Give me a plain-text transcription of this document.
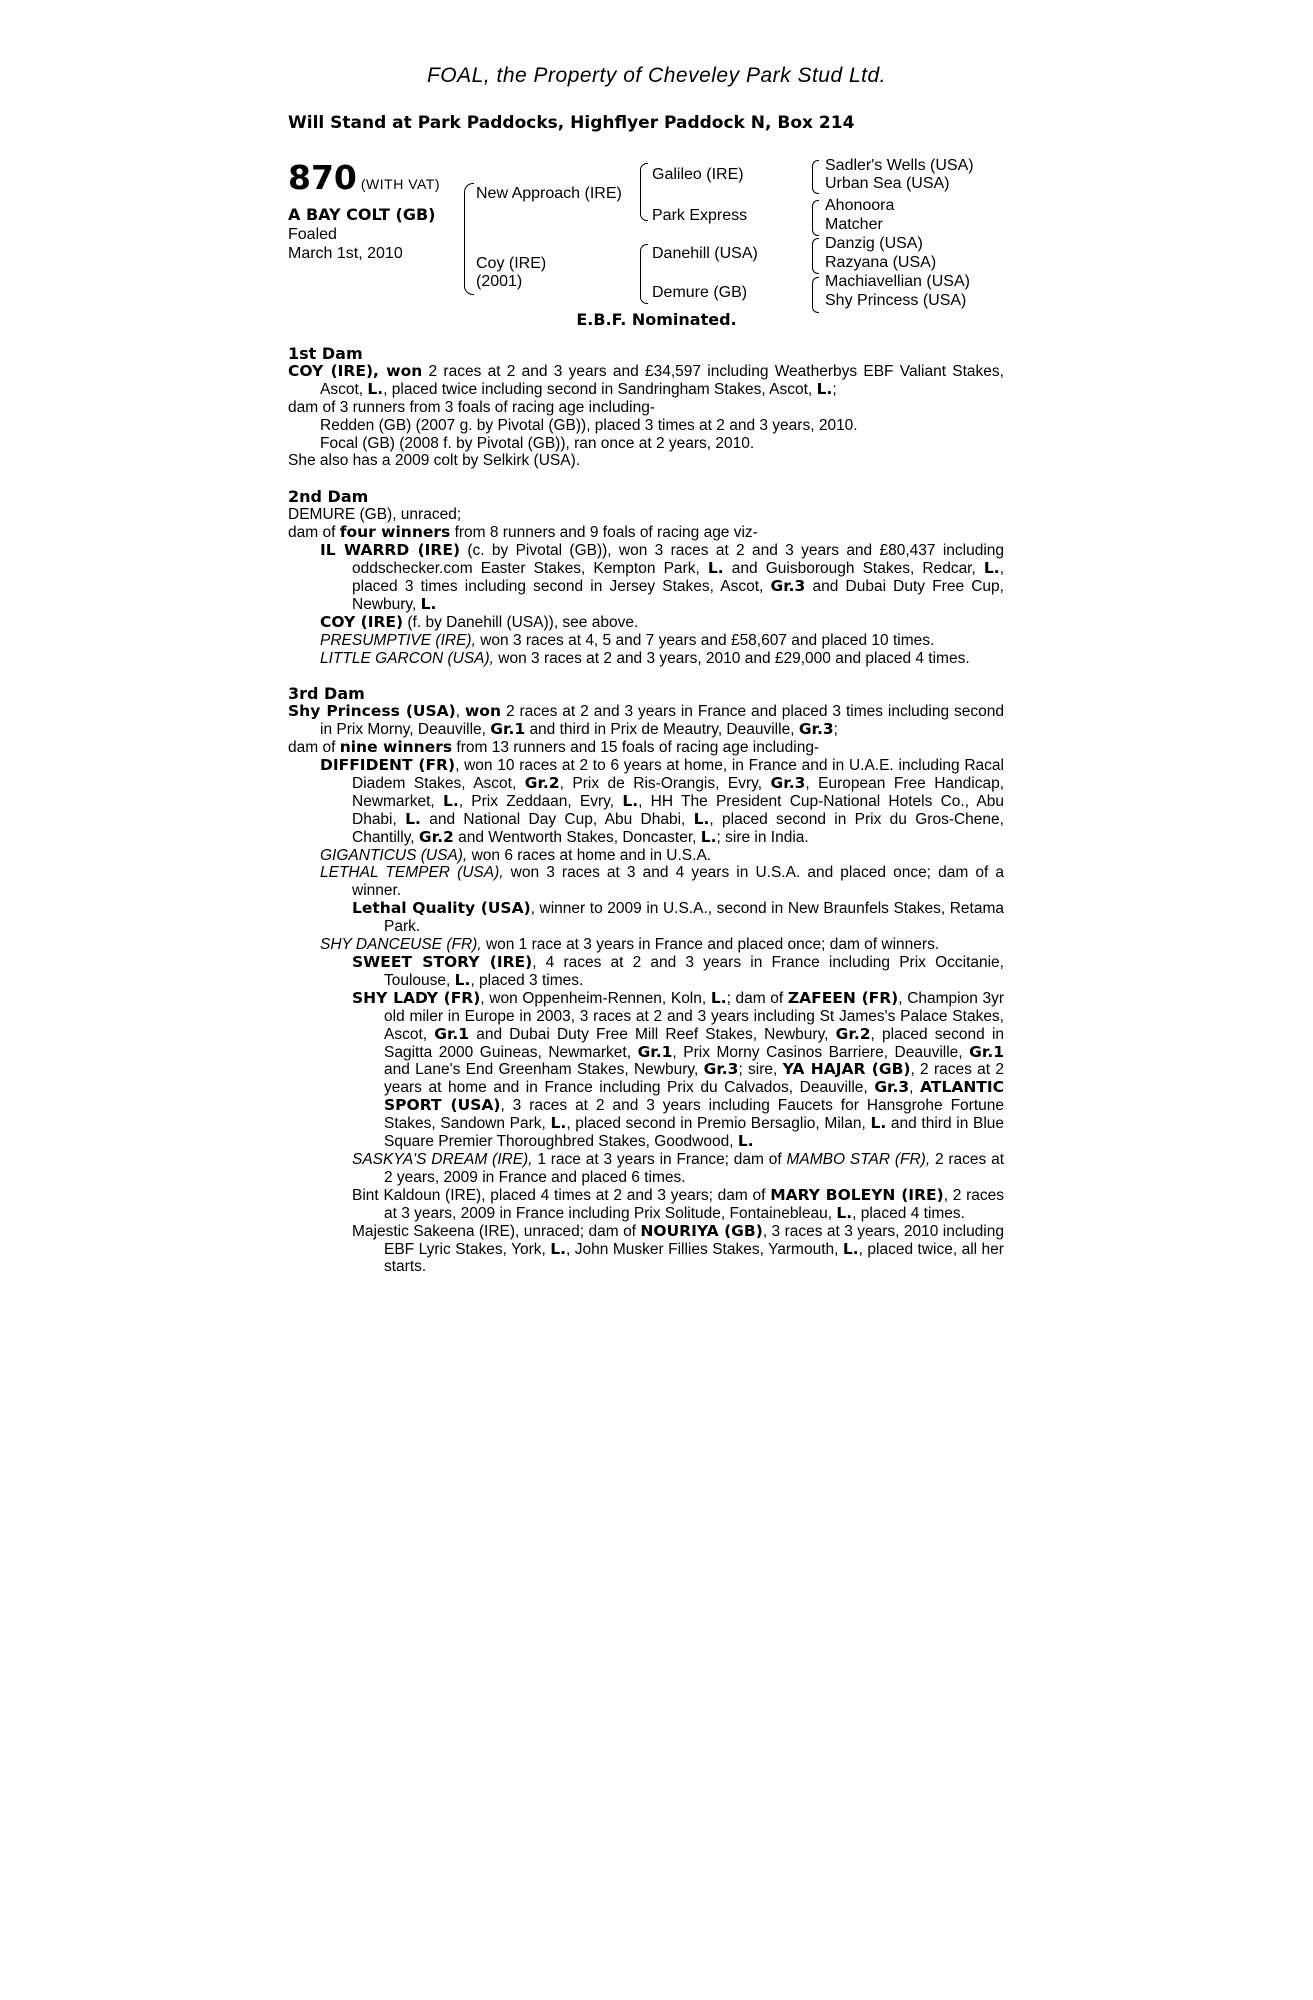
FOAL, the Property of Cheveley Park Stud Ltd.
Will Stand at Park Paddocks, Highflyer Paddock N, Box 214
870 (WITH VAT)
A BAY COLT (GB)
Foaled
March 1st, 2010
New Approach (IRE)
Coy (IRE)
(2001)
Galileo (IRE)
Park Express
Danehill (USA)
Demure (GB)
Sadler's Wells (USA)
Urban Sea (USA)
Ahonoora
Matcher
Danzig (USA)
Razyana (USA)
Machiavellian (USA)
Shy Princess (USA)
E.B.F. Nominated.

1st Dam

COY (IRE), won 2 races at 2 and 3 years and £34,597 including Weatherbys EBF Valiant Stakes, Ascot, L., placed twice including second in Sandringham Stakes, Ascot, L.;

dam of 3 runners from 3 foals of racing age including-

Redden (GB) (2007 g. by Pivotal (GB)), placed 3 times at 2 and 3 years, 2010.

Focal (GB) (2008 f. by Pivotal (GB)), ran once at 2 years, 2010.

She also has a 2009 colt by Selkirk (USA).

2nd Dam

DEMURE (GB), unraced;

dam of four winners from 8 runners and 9 foals of racing age viz-

IL WARRD (IRE) (c. by Pivotal (GB)), won 3 races at 2 and 3 years and £80,437 including oddschecker.com Easter Stakes, Kempton Park, L. and Guisborough Stakes, Redcar, L., placed 3 times including second in Jersey Stakes, Ascot, Gr.3 and Dubai Duty Free Cup, Newbury, L.

COY (IRE) (f. by Danehill (USA)), see above.

PRESUMPTIVE (IRE), won 3 races at 4, 5 and 7 years and £58,607 and placed 10 times.

LITTLE GARCON (USA), won 3 races at 2 and 3 years, 2010 and £29,000 and placed 4 times.

3rd Dam

Shy Princess (USA), won 2 races at 2 and 3 years in France and placed 3 times including second in Prix Morny, Deauville, Gr.1 and third in Prix de Meautry, Deauville, Gr.3;

dam of nine winners from 13 runners and 15 foals of racing age including-

DIFFIDENT (FR), won 10 races at 2 to 6 years at home, in France and in U.A.E. including Racal Diadem Stakes, Ascot, Gr.2, Prix de Ris-Orangis, Evry, Gr.3, European Free Handicap, Newmarket, L., Prix Zeddaan, Evry, L., HH The President Cup-National Hotels Co., Abu Dhabi, L. and National Day Cup, Abu Dhabi, L., placed second in Prix du Gros-Chene, Chantilly, Gr.2 and Wentworth Stakes, Doncaster, L.; sire in India.

GIGANTICUS (USA), won 6 races at home and in U.S.A.

LETHAL TEMPER (USA), won 3 races at 3 and 4 years in U.S.A. and placed once; dam of a winner.

Lethal Quality (USA), winner to 2009 in U.S.A., second in New Braunfels Stakes, Retama Park.

SHY DANCEUSE (FR), won 1 race at 3 years in France and placed once; dam of winners.

SWEET STORY (IRE), 4 races at 2 and 3 years in France including Prix Occitanie, Toulouse, L., placed 3 times.

SHY LADY (FR), won Oppenheim-Rennen, Koln, L.; dam of ZAFEEN (FR), Champion 3yr old miler in Europe in 2003, 3 races at 2 and 3 years including St James's Palace Stakes, Ascot, Gr.1 and Dubai Duty Free Mill Reef Stakes, Newbury, Gr.2, placed second in Sagitta 2000 Guineas, Newmarket, Gr.1, Prix Morny Casinos Barriere, Deauville, Gr.1 and Lane's End Greenham Stakes, Newbury, Gr.3; sire, YA HAJAR (GB), 2 races at 2 years at home and in France including Prix du Calvados, Deauville, Gr.3, ATLANTIC SPORT (USA), 3 races at 2 and 3 years including Faucets for Hansgrohe Fortune Stakes, Sandown Park, L., placed second in Premio Bersaglio, Milan, L. and third in Blue Square Premier Thoroughbred Stakes, Goodwood, L.

SASKYA'S DREAM (IRE), 1 race at 3 years in France; dam of MAMBO STAR (FR), 2 races at 2 years, 2009 in France and placed 6 times.

Bint Kaldoun (IRE), placed 4 times at 2 and 3 years; dam of MARY BOLEYN (IRE), 2 races at 3 years, 2009 in France including Prix Solitude, Fontainebleau, L., placed 4 times.

Majestic Sakeena (IRE), unraced; dam of NOURIYA (GB), 3 races at 3 years, 2010 including EBF Lyric Stakes, York, L., John Musker Fillies Stakes, Yarmouth, L., placed twice, all her starts.
